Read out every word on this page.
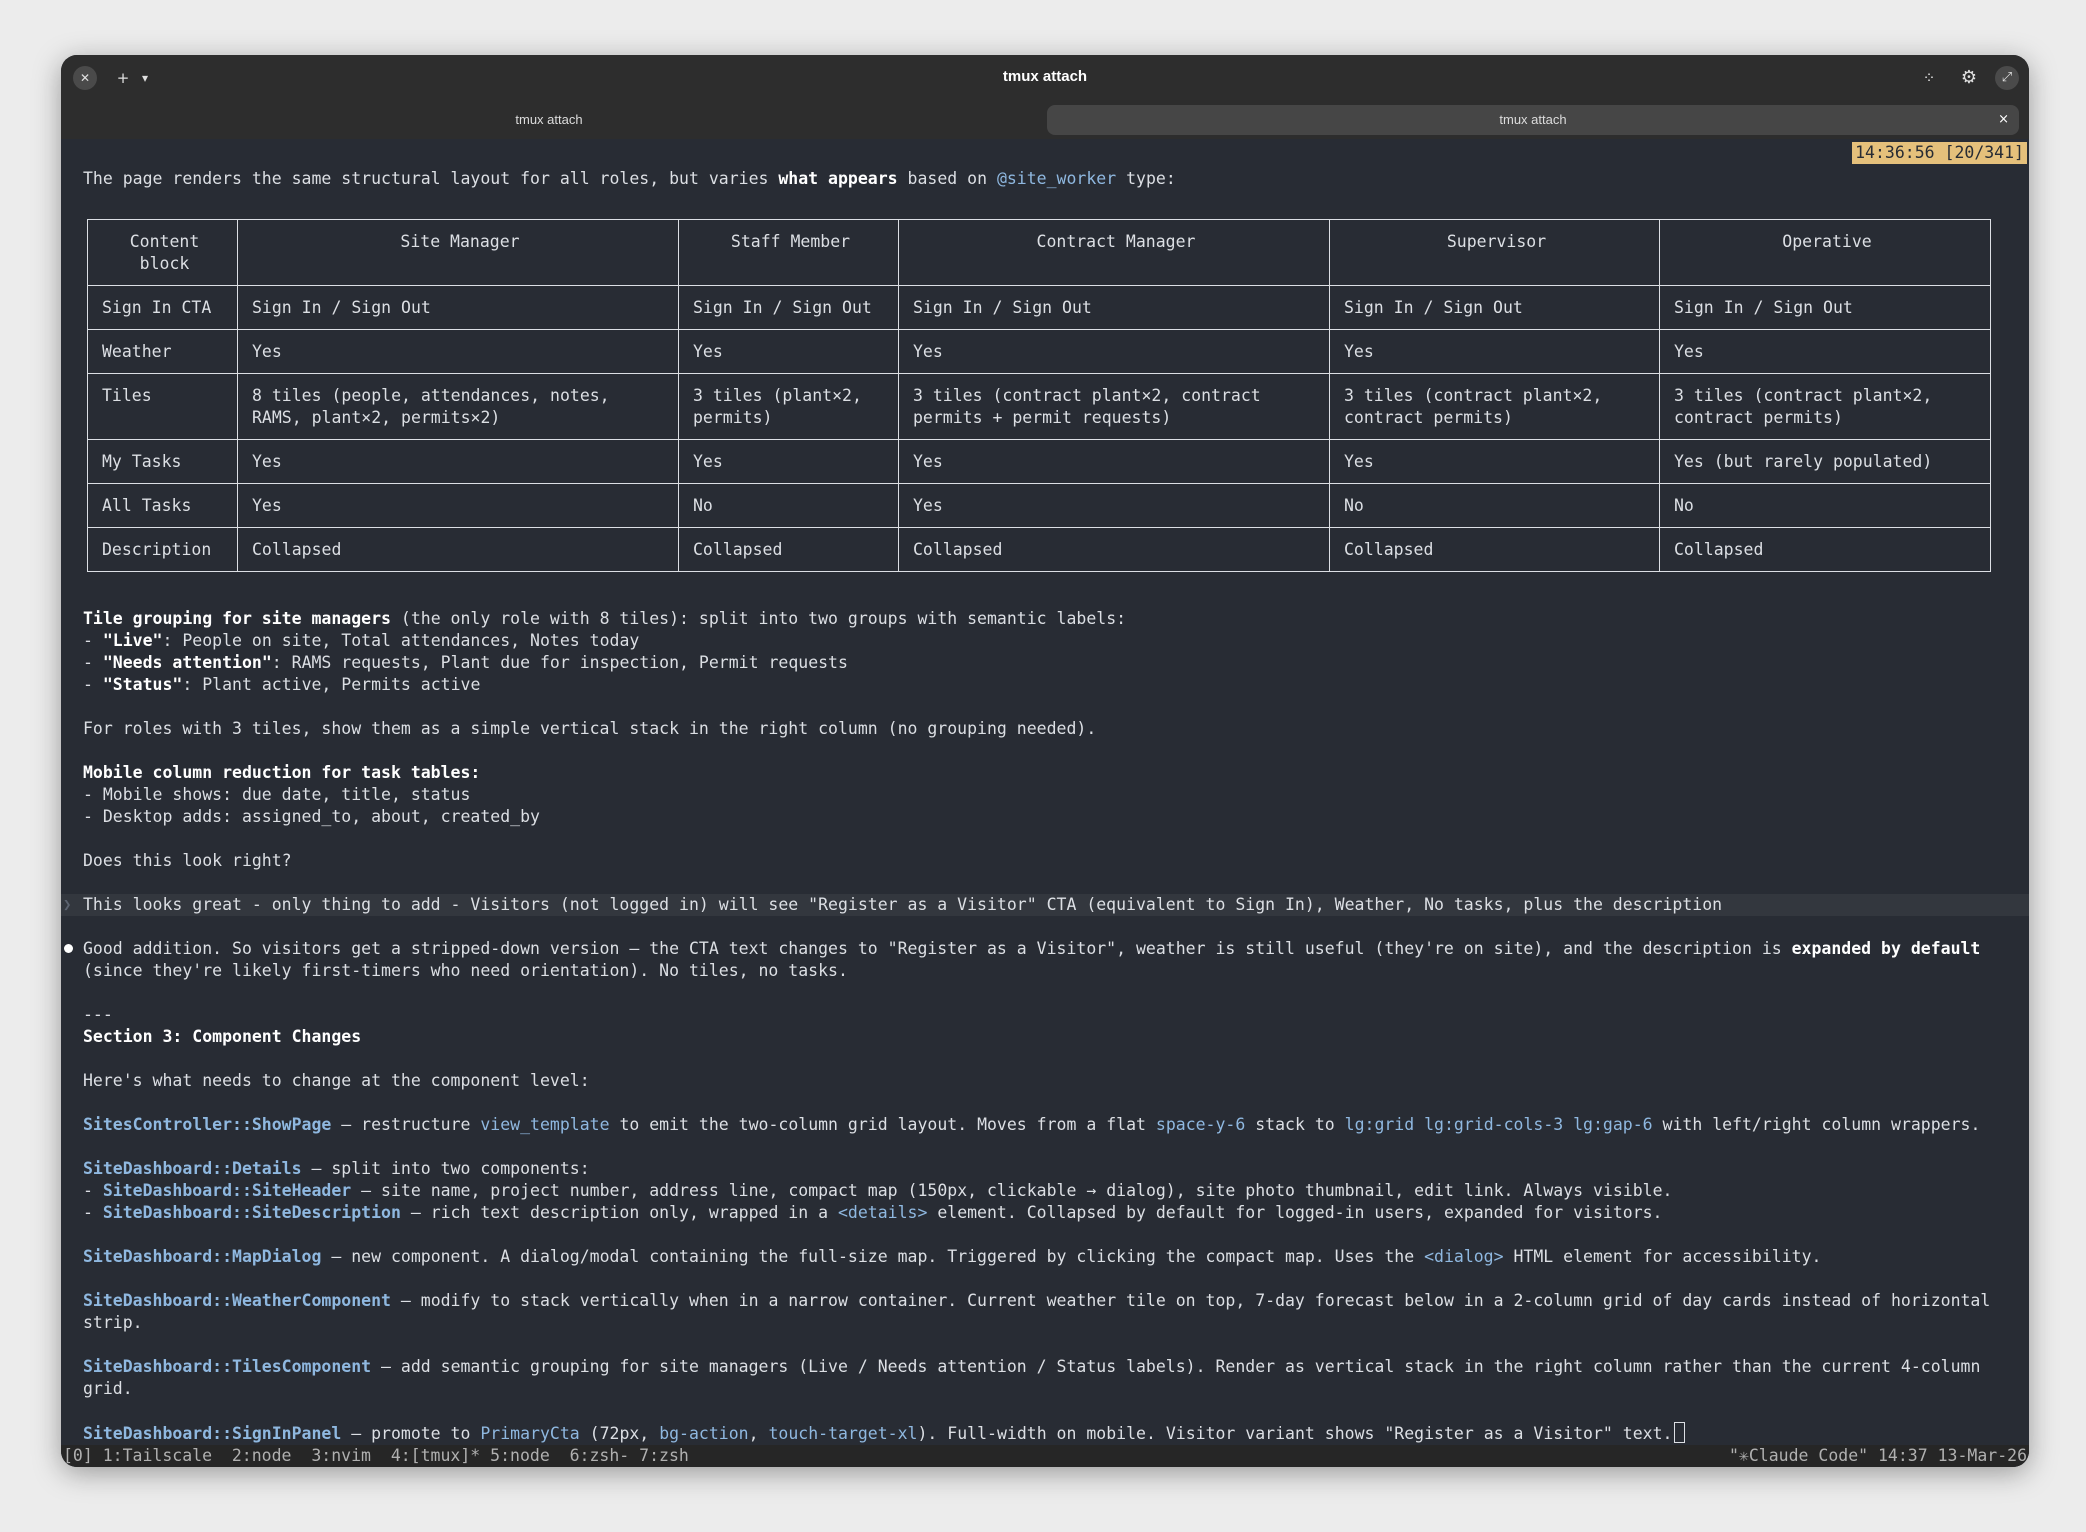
✕	+	▾	tmux attach	⁘	⚙	⤢
tmux attach	tmux attach	×
14:36:56 [20/341]
The page renders the same structural layout for all roles, but varies what appears based on @site_worker type:
Content block	Site Manager	Staff Member	Contract Manager	Supervisor	Operative
Sign In CTA	Sign In / Sign Out	Sign In / Sign Out	Sign In / Sign Out	Sign In / Sign Out	Sign In / Sign Out
Weather	Yes	Yes	Yes	Yes	Yes
Tiles	8 tiles (people, attendances, notes, RAMS, plant×2, permits×2)	3 tiles (plant×2, permits)	3 tiles (contract plant×2, contract permits + permit requests)	3 tiles (contract plant×2, contract permits)	3 tiles (contract plant×2, contract permits)
My Tasks	Yes	Yes	Yes	Yes	Yes (but rarely populated)
All Tasks	Yes	No	Yes	No	No
Description	Collapsed	Collapsed	Collapsed	Collapsed	Collapsed
Tile grouping for site managers (the only role with 8 tiles): split into two groups with semantic labels:
- "Live": People on site, Total attendances, Notes today
- "Needs attention": RAMS requests, Plant due for inspection, Permit requests
- "Status": Plant active, Permits active
For roles with 3 tiles, show them as a simple vertical stack in the right column (no grouping needed).
Mobile column reduction for task tables:
- Mobile shows: due date, title, status
- Desktop adds: assigned_to, about, created_by
Does this look right?
❯ This looks great - only thing to add - Visitors (not logged in) will see "Register as a Visitor" CTA (equivalent to Sign In), Weather, No tasks, plus the description
Good addition. So visitors get a stripped-down version — the CTA text changes to "Register as a Visitor", weather is still useful (they're on site), and the description is expanded by default
(since they're likely first-timers who need orientation). No tiles, no tasks.
---
Section 3: Component Changes
Here's what needs to change at the component level:
SitesController::ShowPage — restructure view_template to emit the two-column grid layout. Moves from a flat space-y-6 stack to lg:grid lg:grid-cols-3 lg:gap-6 with left/right column wrappers.
SiteDashboard::Details — split into two components:
- SiteDashboard::SiteHeader — site name, project number, address line, compact map (150px, clickable → dialog), site photo thumbnail, edit link. Always visible.
- SiteDashboard::SiteDescription — rich text description only, wrapped in a <details> element. Collapsed by default for logged-in users, expanded for visitors.
SiteDashboard::MapDialog — new component. A dialog/modal containing the full-size map. Triggered by clicking the compact map. Uses the <dialog> HTML element for accessibility.
SiteDashboard::WeatherComponent — modify to stack vertically when in a narrow container. Current weather tile on top, 7-day forecast below in a 2-column grid of day cards instead of horizontal
strip.
SiteDashboard::TilesComponent — add semantic grouping for site managers (Live / Needs attention / Status labels). Render as vertical stack in the right column rather than the current 4-column
grid.
SiteDashboard::SignInPanel — promote to PrimaryCta (72px, bg-action, touch-target-xl). Full-width on mobile. Visitor variant shows "Register as a Visitor" text.
[0] 1:Tailscale  2:node  3:nvim  4:[tmux]* 5:node  6:zsh- 7:zsh	"✳Claude Code" 14:37 13-Mar-26
